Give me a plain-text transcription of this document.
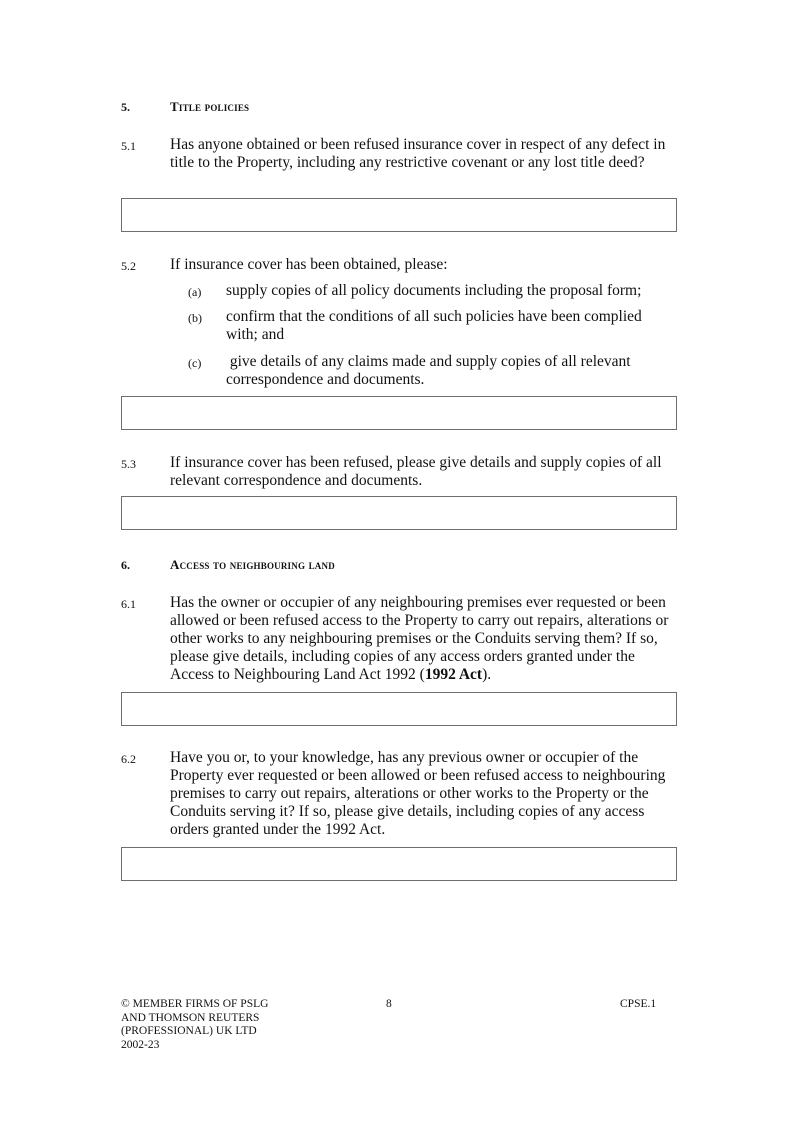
5.	Title policies
5.1 Has anyone obtained or been refused insurance cover in respect of any defect in title to the Property, including any restrictive covenant or any lost title deed?
5.2 If insurance cover has been obtained, please:
(a) supply copies of all policy documents including the proposal form;
(b) confirm that the conditions of all such policies have been complied with; and
(c) give details of any claims made and supply copies of all relevant correspondence and documents.
5.3 If insurance cover has been refused, please give details and supply copies of all relevant correspondence and documents.
6.	Access to neighbouring land
6.1 Has the owner or occupier of any neighbouring premises ever requested or been allowed or been refused access to the Property to carry out repairs, alterations or other works to any neighbouring premises or the Conduits serving them? If so, please give details, including copies of any access orders granted under the Access to Neighbouring Land Act 1992 (1992 Act).
6.2 Have you or, to your knowledge, has any previous owner or occupier of the Property ever requested or been allowed or been refused access to neighbouring premises to carry out repairs, alterations or other works to the Property or the Conduits serving it? If so, please give details, including copies of any access orders granted under the 1992 Act.
© MEMBER FIRMS OF PSLG
AND THOMSON REUTERS
(PROFESSIONAL) UK LTD
2002-23
8	CPSE.1
